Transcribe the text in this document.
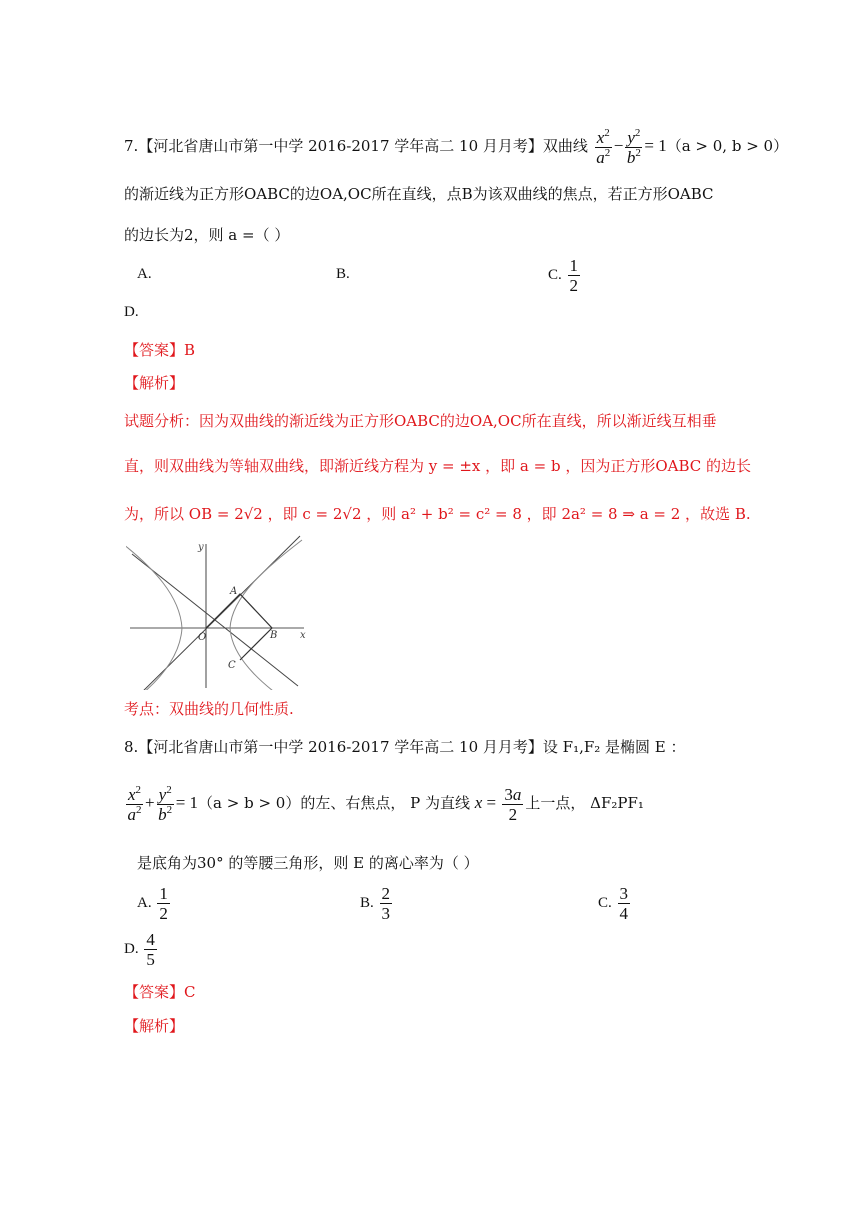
7.【河北省唐山市第一中学 2016-2017 学年高二 10 月月考】双曲线 $\frac{x^2}{a^2} - \frac{y^2}{b^2} = 1(a > 0$, b > 0）
的渐近线为正方形OABC的边OA,OC所在直线，点B为该双曲线的焦点，若正方形OABC
的边长为2，则 a =（ ）
A.	B.	C. $\frac{1}{2}$
D.
【答案】B
【解析】
试题分析：因为双曲线的渐近线为正方形OABC的边OA,OC所在直线，所以渐近线互相垂
直，则双曲线为等轴双曲线，即渐近线方程为 y = ±x ，即 a = b ，因为正方形OABC 的边长
为，所以 OB = 2√2 ，即 c = 2√2 ，则 a² + b² = c² = 8 ，即 2a² = 8 ⇒ a = 2 ，故选 B.
y
x
A
B
C
O
考点：双曲线的几何性质.
8.【河北省唐山市第一中学 2016-2017 学年高二 10 月月考】设 F₁,F₂ 是椭圆 E ：
$\frac{x^2}{a^2} + \frac{y^2}{b^2} = 1(a > b > 0)$的左、右焦点， P 为直线 $x = \frac{3a}{2}$ 上一点， ΔF₂PF₁
是底角为30° 的等腰三角形，则 E 的离心率为（ ）
A. $\frac{1}{2}$	B. $\frac{2}{3}$	C. $\frac{3}{4}$
D. $\frac{4}{5}$
【答案】C
【解析】
